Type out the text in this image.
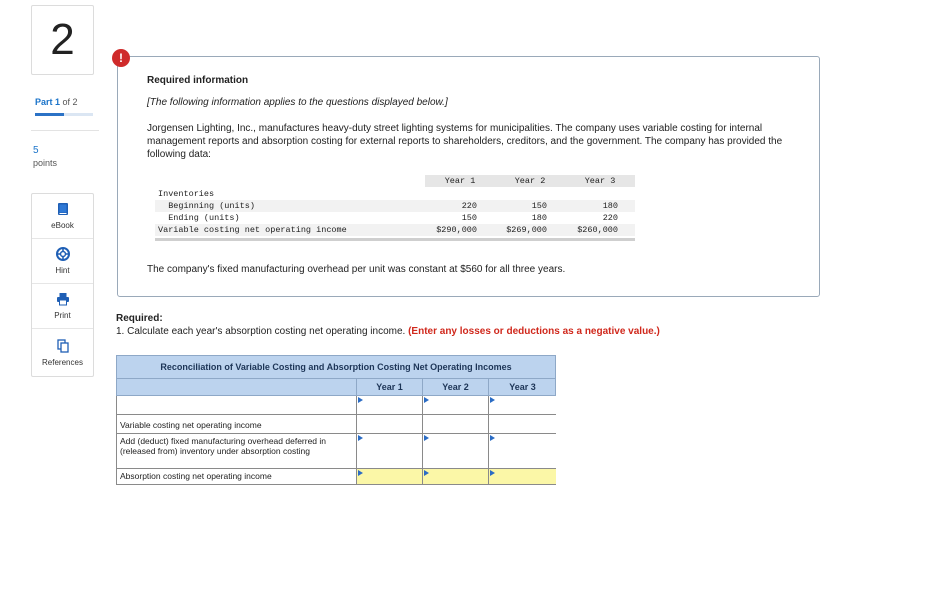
2
Part 1 of 2
5
points
eBook
Hint
Print
References
!
Required information
[The following information applies to the questions displayed below.]
Jorgensen Lighting, Inc., manufactures heavy-duty street lighting systems for municipalities. The company uses variable costing for internal management reports and absorption costing for external reports to shareholders, creditors, and the government. The company has provided the following data:
Year 1	Year 2	Year 3
Inventories
Beginning (units)	220	150	180
Ending (units)	150	180	220
Variable costing net operating income	$290,000	$269,000	$260,000
The company's fixed manufacturing overhead per unit was constant at $560 for all three years.
Required:
1. Calculate each year's absorption costing net operating income. (Enter any losses or deductions as a negative value.)
Reconciliation of Variable Costing and Absorption Costing Net Operating Incomes
Year 1	Year 2	Year 3
Variable costing net operating income
Add (deduct) fixed manufacturing overhead deferred in (released from) inventory under absorption costing
Absorption costing net operating income
